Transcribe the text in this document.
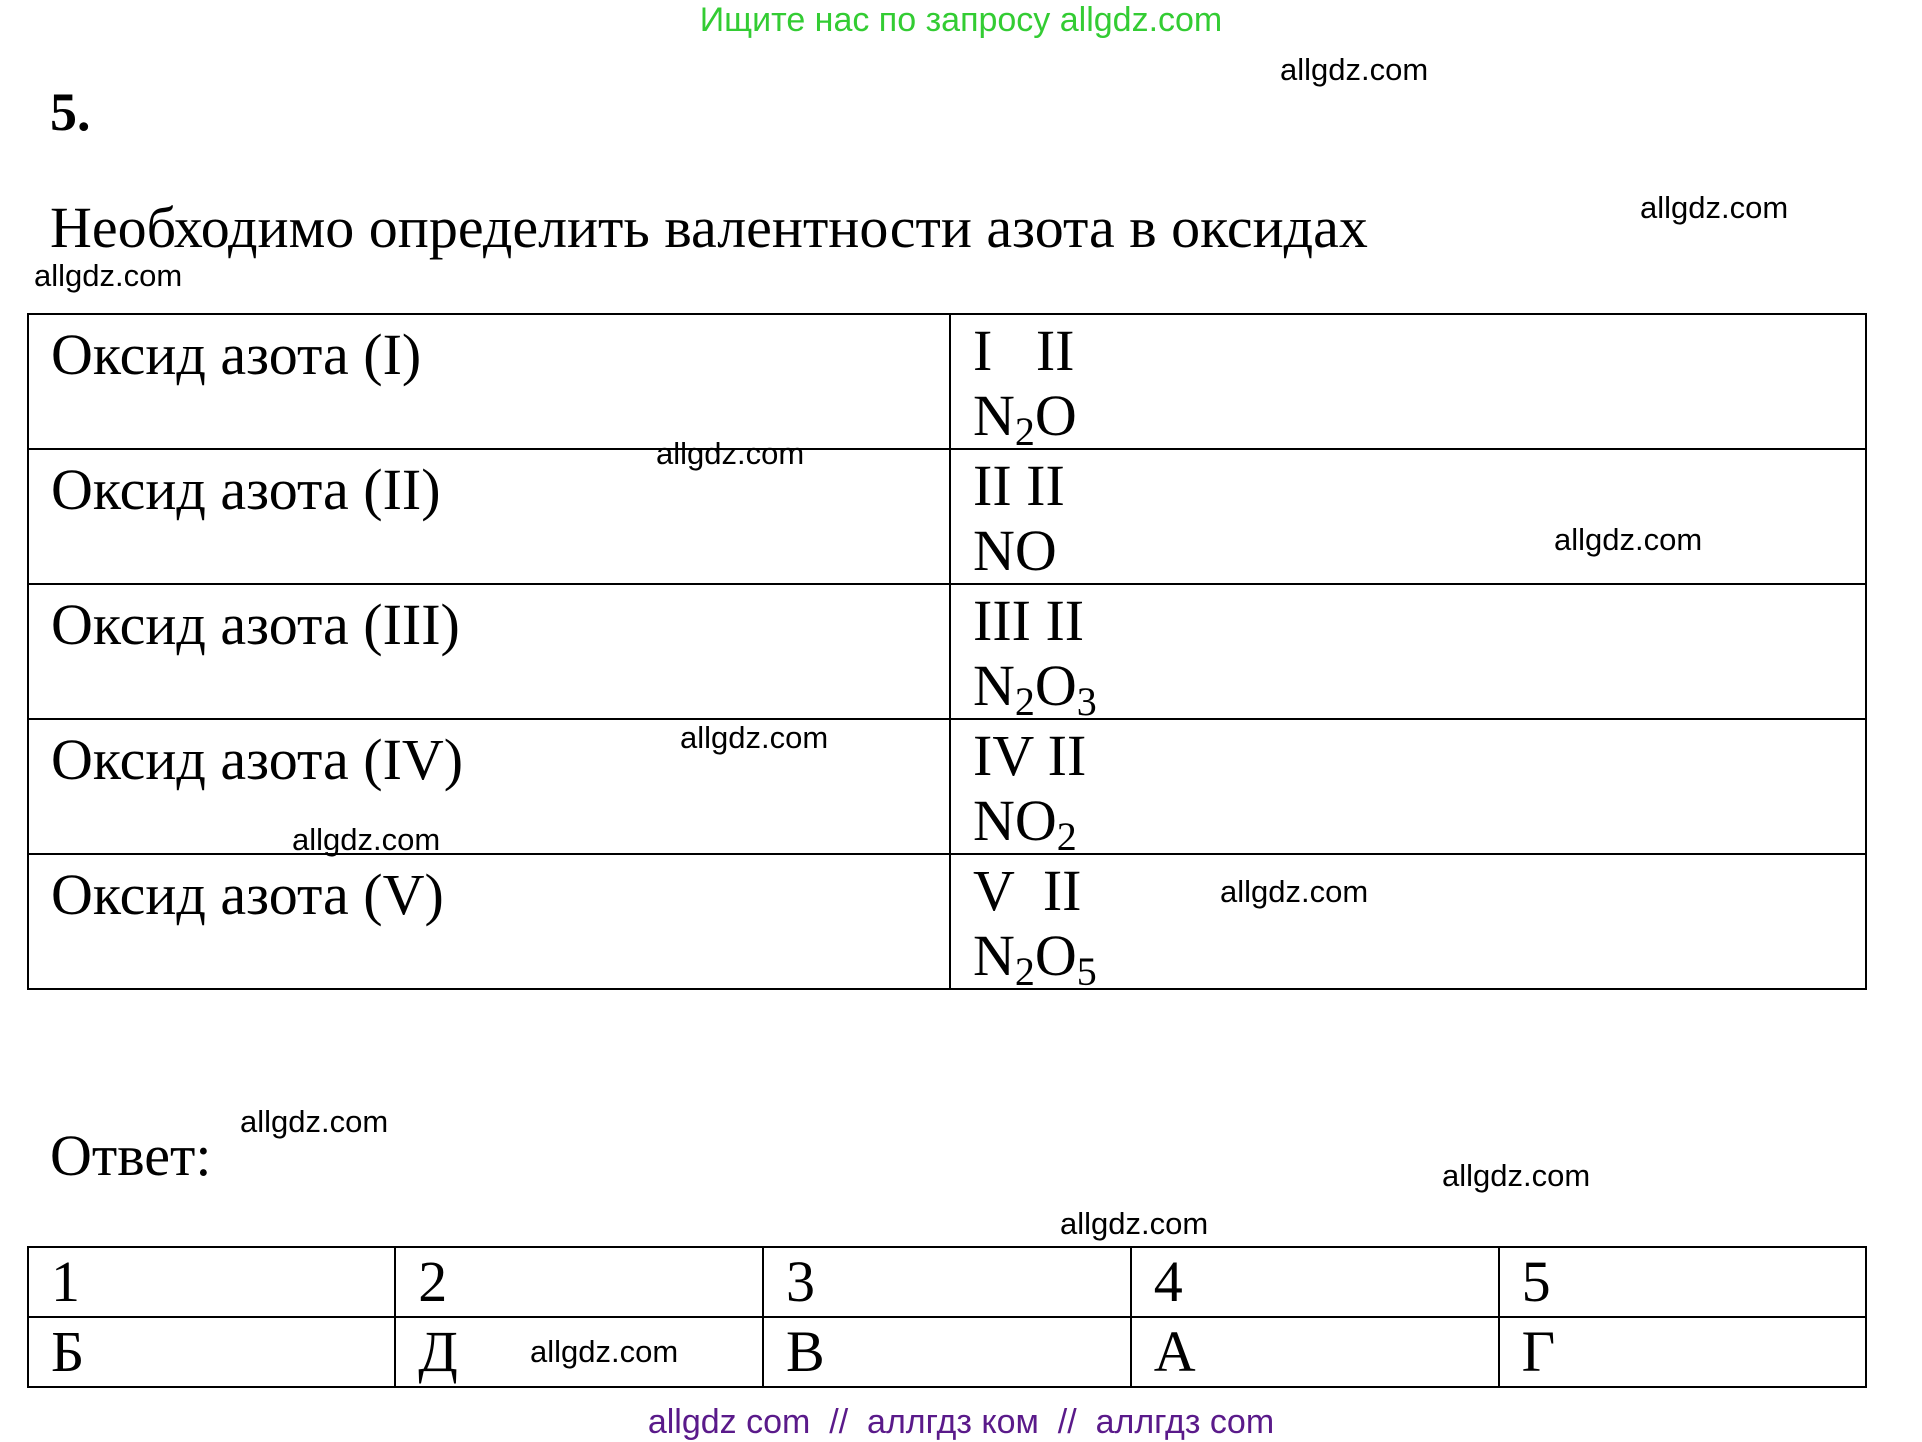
Ищите нас по запросу allgdz.com
5.
Необходимо определить валентности азота в оксидах
Оксид азота (I)	I   II
$N_2O$

Оксид азота (II)	II II
NO

Оксид азота (III)	III II
$N_2O_3$

Оксид азота (IV)	IV II
$NO_2$

Оксид азота (V)	V  II
$N_2O_5$
Ответ:
1	2	3	4	5
Б	Д	В	А	Г
allgdz.com
allgdz.com
allgdz.com
allgdz.com
allgdz.com
allgdz.com
allgdz.com
allgdz.com
allgdz.com
allgdz.com
allgdz.com
allgdz.com
allgdz com  //  аллгдз ком  //  аллгдз com
